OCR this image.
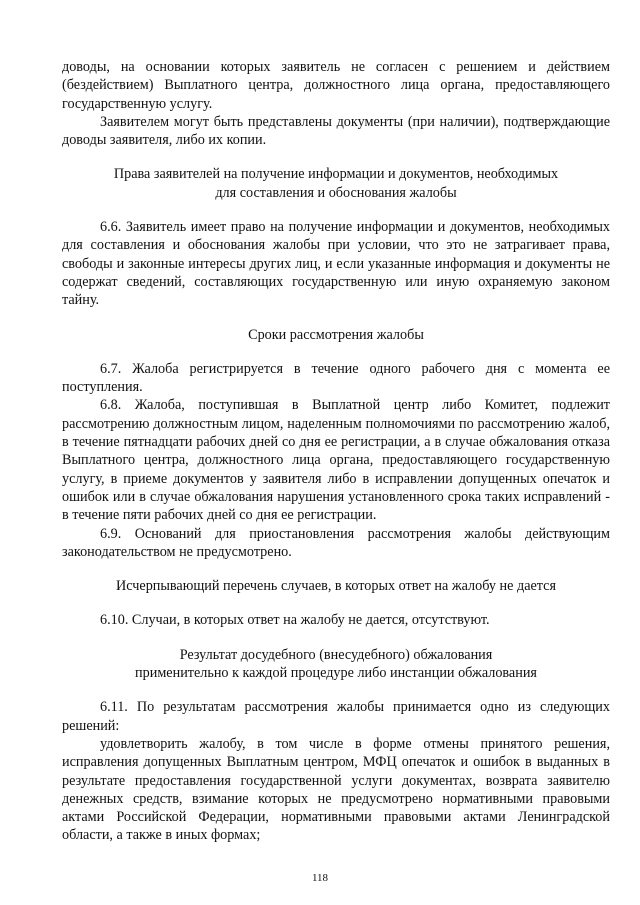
доводы, на основании которых заявитель не согласен с решением и действием (бездействием) Выплатного центра, должностного лица органа, предоставляющего государственную услугу.

Заявителем могут быть представлены документы (при наличии), подтверждающие доводы заявителя, либо их копии.

Права заявителей на получение информации и документов, необходимых
для составления и обоснования жалобы

6.6. Заявитель имеет право на получение информации и документов, необходимых для составления и обоснования жалобы при условии, что это не затрагивает права, свободы и законные интересы других лиц, и если указанные информация и документы не содержат сведений, составляющих государственную или иную охраняемую законом тайну.

Сроки рассмотрения жалобы

6.7. Жалоба регистрируется в течение одного рабочего дня с момента ее поступления.

6.8. Жалоба, поступившая в Выплатной центр либо Комитет, подлежит рассмотрению должностным лицом, наделенным полномочиями по рассмотрению жалоб, в течение пятнадцати рабочих дней со дня ее регистрации, а в случае обжалования отказа Выплатного центра, должностного лица органа, предоставляющего государственную услугу, в приеме документов у заявителя либо в исправлении допущенных опечаток и ошибок или в случае обжалования нарушения установленного срока таких исправлений - в течение пяти рабочих дней со дня ее регистрации.

6.9. Оснований для приостановления рассмотрения жалобы действующим законодательством не предусмотрено.

Исчерпывающий перечень случаев, в которых ответ на жалобу не дается

6.10. Случаи, в которых ответ на жалобу не дается, отсутствуют.

Результат досудебного (внесудебного) обжалования
применительно к каждой процедуре либо инстанции обжалования

6.11. По результатам рассмотрения жалобы принимается одно из следующих решений:

удовлетворить жалобу, в том числе в форме отмены принятого решения, исправления допущенных Выплатным центром, МФЦ опечаток и ошибок в выданных в результате предоставления государственной услуги документах, возврата заявителю денежных средств, взимание которых не предусмотрено нормативными правовыми актами Российской Федерации, нормативными правовыми актами Ленинградской области, а также в иных формах;

118
